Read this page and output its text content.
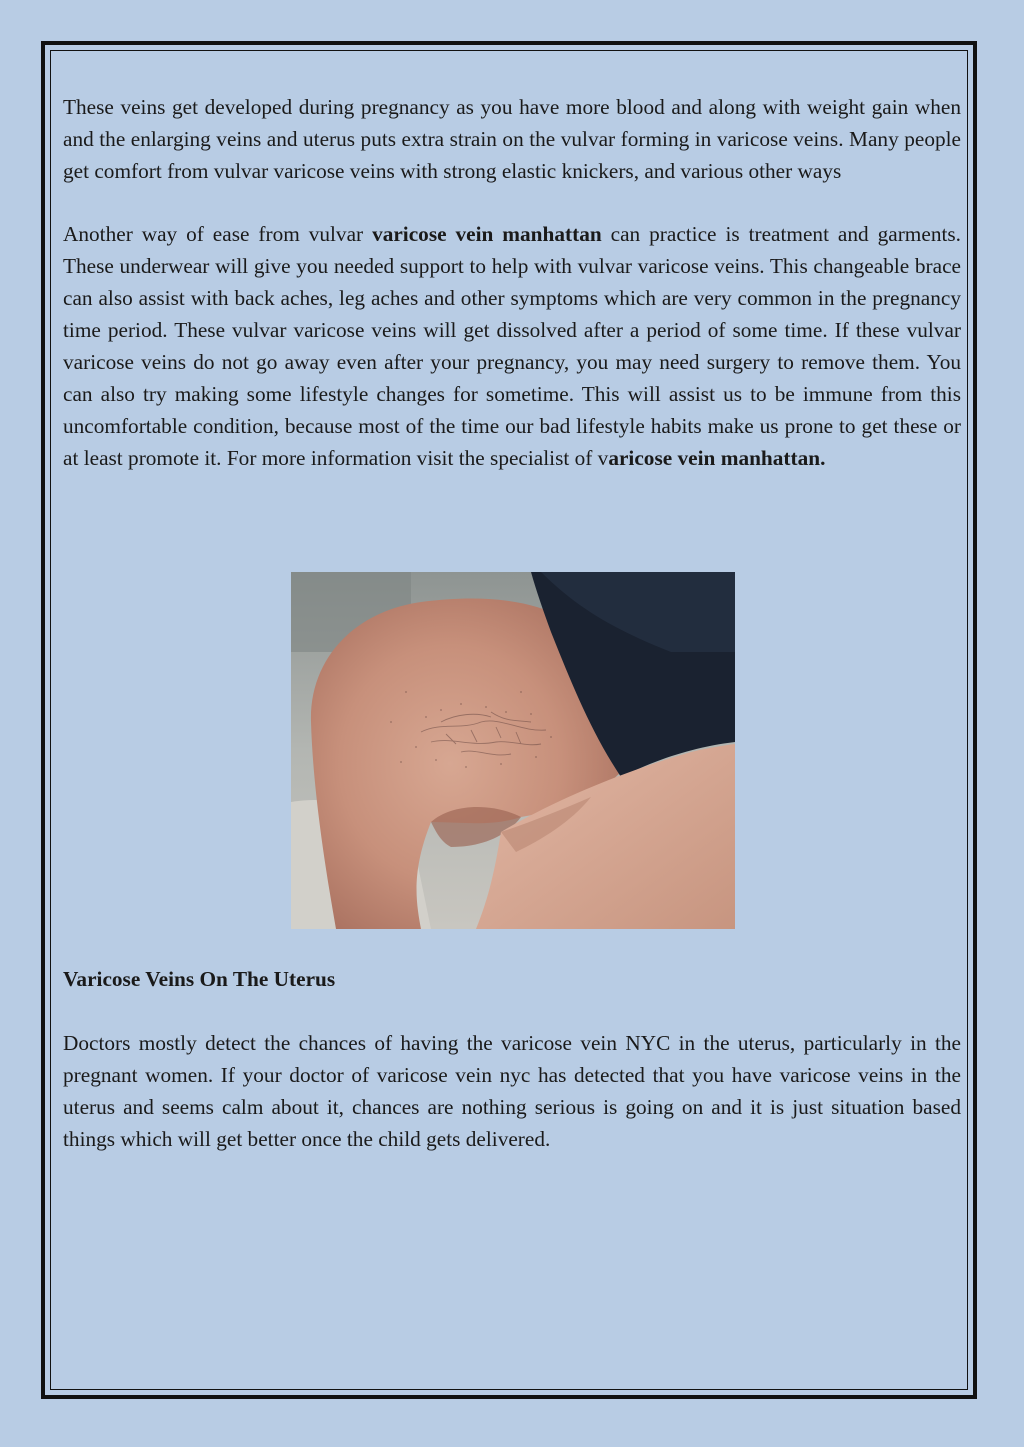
These veins get developed during pregnancy as you have more blood and along with weight gain when and the enlarging veins and uterus puts extra strain on the vulvar forming in varicose veins. Many people get comfort from vulvar varicose veins with strong elastic knickers, and various other ways

Another way of ease from vulvar varicose vein manhattan can practice is treatment and garments. These underwear will give you needed support to help with vulvar varicose veins. This changeable brace can also assist with back aches, leg aches and other symptoms which are very common in the pregnancy time period. These vulvar varicose veins will get dissolved after a period of some time. If these vulvar varicose veins do not go away even after your pregnancy, you may need surgery to remove them. You can also try making some lifestyle changes for sometime. This will assist us to be immune from this uncomfortable condition, because most of the time our bad lifestyle habits make us prone to get these or at least promote it. For more information visit the specialist of varicose vein manhattan.

Varicose Veins On The Uterus

Doctors mostly detect the chances of having the varicose vein NYC in the uterus, particularly in the pregnant women. If your doctor of varicose vein nyc has detected that you have varicose veins in the uterus and seems calm about it, chances are nothing serious is going on and it is just situation based things which will get better once the child gets delivered.
